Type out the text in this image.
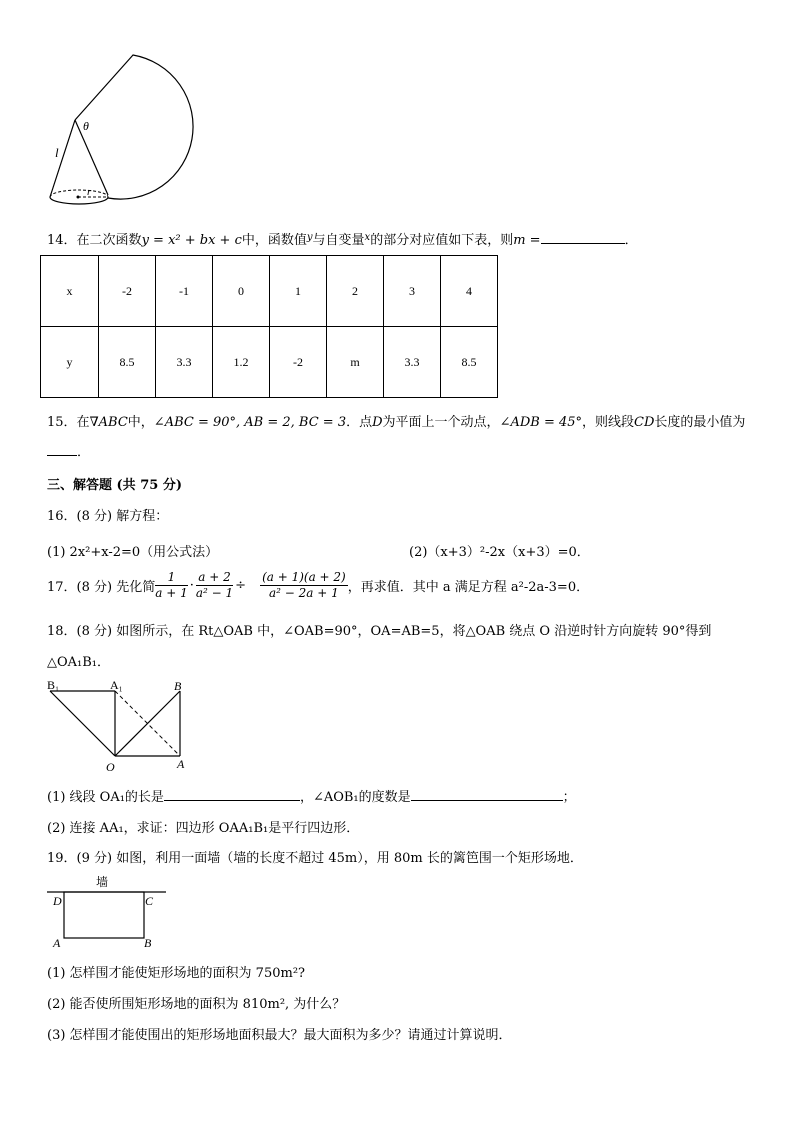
l
θ
r
14．在二次函数y = x² + bx + c中，函数值$^y$与自变量$^x$的部分对应值如下表，则m =	．
x	-2	-1	0	1	2	3	4
y	8.5	3.3	1.2	-2	m	3.3	8.5
15．在∇ABC中，∠ABC = 90°, AB = 2, BC = 3．点D为平面上一个动点，∠ADB = 45°，则线段CD长度的最小值为
．
三、解答题 (共 75 分)
16．(8 分) 解方程：
(1) 2x²+x-2=0（用公式法）	(2)（x+3）²-2x（x+3）=0．
17．(8 分) 先化简 $\frac{1}{a + 1} \cdot \frac{a + 2}{\text{a² − 1}} \div \frac{(a + 1)(a + 2)}{\text{a² − 2a + 1}}$ ，再求值．其中 a 满足方程 a²-2a-3=0．
18．(8 分) 如图所示，在 Rt△OAB 中，∠OAB=90°，OA=AB=5，将△OAB 绕点 O 沿逆时针方向旋转 90°得到
△OA₁B₁．
B₁	A₁	B
O	A
(1) 线段 OA₁的长是	，∠AOB₁的度数是	；
(2) 连接 AA₁，求证：四边形 OAA₁B₁是平行四边形．
19．(9 分) 如图，利用一面墙（墙的长度不超过 45m），用 80m 长的篱笆围一个矩形场地．
墙
D	C
A	B
(1) 怎样围才能使矩形场地的面积为 750m²?
(2) 能否使所围矩形场地的面积为 810m², 为什么？
(3) 怎样围才能使围出的矩形场地面积最大？最大面积为多少？请通过计算说明．
